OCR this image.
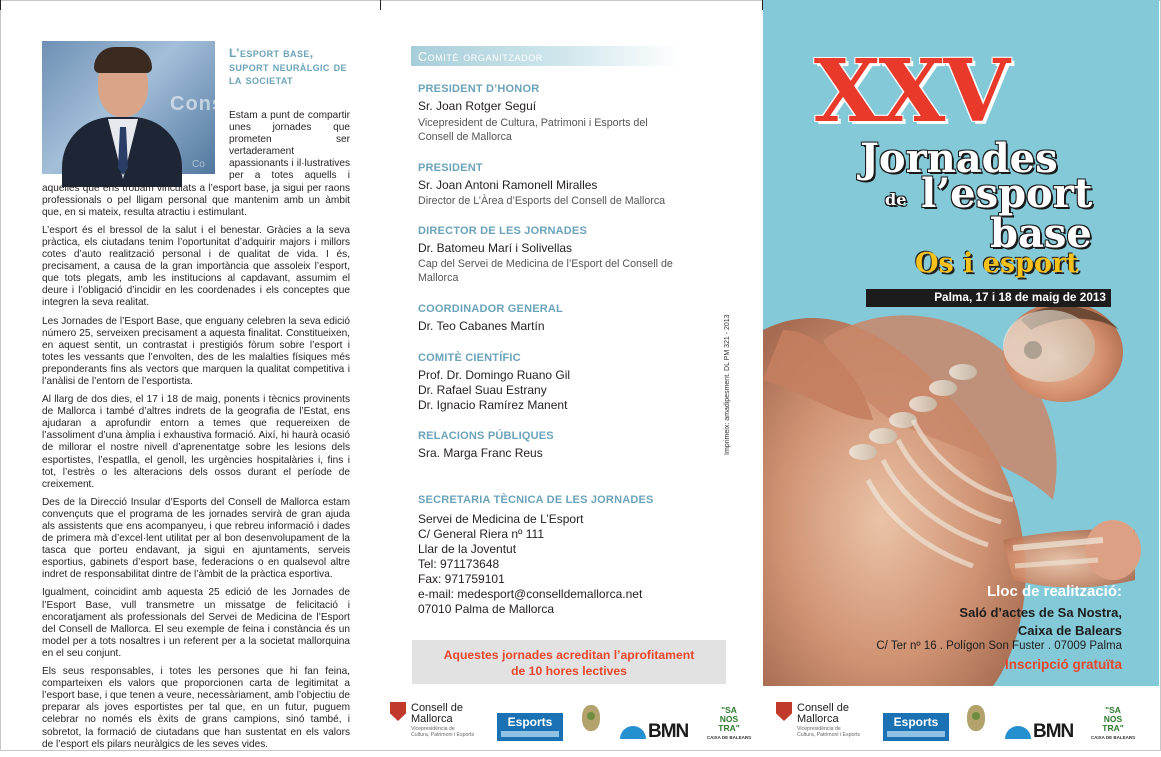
Consell
Co
L’esport base, suport neuràlgic de la societat

Estam a punt de compartir unes jornades que prometen ser vertaderament apassionants i il·lustratives per a totes aquells i aquelles que ens trobam vinculats a l’esport base, ja sigui per raons professionals o pel lligam personal que mantenim amb un àmbit que, en si mateix, resulta atractiu i estimulant.

L’esport és el bressol de la salut i el benestar. Gràcies a la seva pràctica, els ciutadans tenim l’oportunitat d’adquirir majors i millors cotes d’auto realització personal i de qualitat de vida. I és, precisament, a causa de la gran importància que assoleix l’esport, que tots plegats, amb les institucions al capdavant, assumim el deure i l’obligació d’incidir en les coordenades i els conceptes que integren la seva realitat.

Les Jornades de l’Esport Base, que enguany celebren la seva edició número 25, serveixen precisament a aquesta finalitat. Constitueixen, en aquest sentit, un contrastat i prestigiós fòrum sobre l’esport i totes les vessants que l’envolten, des de les malalties físiques més preponderants fins als vectors que marquen la qualitat competitiva i l’anàlisi de l’entorn de l’esportista.

Al llarg de dos dies, el 17 i 18 de maig, ponents i tècnics provinents de Mallorca i també d’altres indrets de la geografia de l’Estat, ens ajudaran a aprofundir entorn a temes que requereixen de l’assoliment d’una àmplia i exhaustiva formació. Així, hi haurà ocasió de millorar el nostre nivell d’aprenentatge sobre les lesions dels esportistes, l’espatlla, el genoll, les urgències hospitalàries i, fins i tot, l’estrès o les alteracions dels ossos durant el període de creixement.

Des de la Direcció Insular d’Esports del Consell de Mallorca estam convençuts que el programa de les jornades servirà de gran ajuda als assistents que ens acompanyeu, i que rebreu informació i dades de primera mà d’excel·lent utilitat per al bon desenvolupament de la tasca que porteu endavant, ja sigui en ajuntaments, serveis esportius, gabinets d’esport base, federacions o en qualsevol altre indret de responsabilitat dintre de l’àmbit de la pràctica esportiva.

Igualment, coincidint amb aquesta 25 edició de les Jornades de l’Esport Base, vull transmetre un missatge de felicitació i encoratjament als professionals del Servei de Medicina de l’Esport del Consell de Mallorca. El seu exemple de feina i constància és un model per a tots nosaltres i un referent per a la societat mallorquina en el seu conjunt.

Els seus responsables, i totes les persones que hi fan feina, comparteixen els valors que proporcionen carta de legitimitat a l’esport base, i que tenen a veure, necessàriament, amb l’objectiu de preparar als joves esportistes per tal que, en un futur, puguem celebrar no només els èxits de grans campions, sinó també, i sobretot, la formació de ciutadans que han sustentat en els valors de l’esport els pilars neuràlgics de les seves vides.

Comitè organitzador
PRESIDENT D’HONOR
Sr. Joan Rotger Seguí
Vicepresident de Cultura, Patrimoni i Esports del
Consell de Mallorca
PRESIDENT
Sr. Joan Antoni Ramonell Miralles
Director de L’Àrea d’Esports del Consell de Mallorca
DIRECTOR DE LES JORNADES
Dr. Batomeu Marí i Solivellas
Cap del Servei de Medicina de l’Esport del Consell de
Mallorca
COORDINADOR GENERAL
Dr. Teo Cabanes Martín
COMITÈ CIENTÍFIC
Prof. Dr. Domingo Ruano Gil
Dr. Rafael Suau Estrany
Dr. Ignacio Ramírez Manent
RELACIONS PÚBLIQUES
Sra. Marga Franc Reus
SECRETARIA TÈCNICA DE LES JORNADES
Servei de Medicina de L’Esport
C/ General Riera nº 111
Llar de la Joventut
Tel: 971173648
Fax: 971759101
e-mail: medesport@conselldemallorca.net
07010 Palma de Mallorca
Aquestes jornades acreditan l’aprofitament
de 10 hores lectives
Imprimeix: amadipesment. DL PM 321 - 2013
XXV
Jornades
de l’esport
base
Os i esport
Palma, 17 i 18 de maig de 2013
Lloc de realització:
Saló d’actes de Sa Nostra,
Caixa de Balears
C/ Ter nº 16 . Polígon Son Fuster . 07009 Palma
Inscripció gratuïta
Consell de
Mallorca
Vicepresidència de
Cultura, Patrimoni i Esports
Esports	BMN
"SA
NOS
TRA"
CAIXA DE BALEARS
Consell de
Mallorca
Vicepresidència de
Cultura, Patrimoni i Esports
Esports	BMN
"SA
NOS
TRA"
CAIXA DE BALEARS
